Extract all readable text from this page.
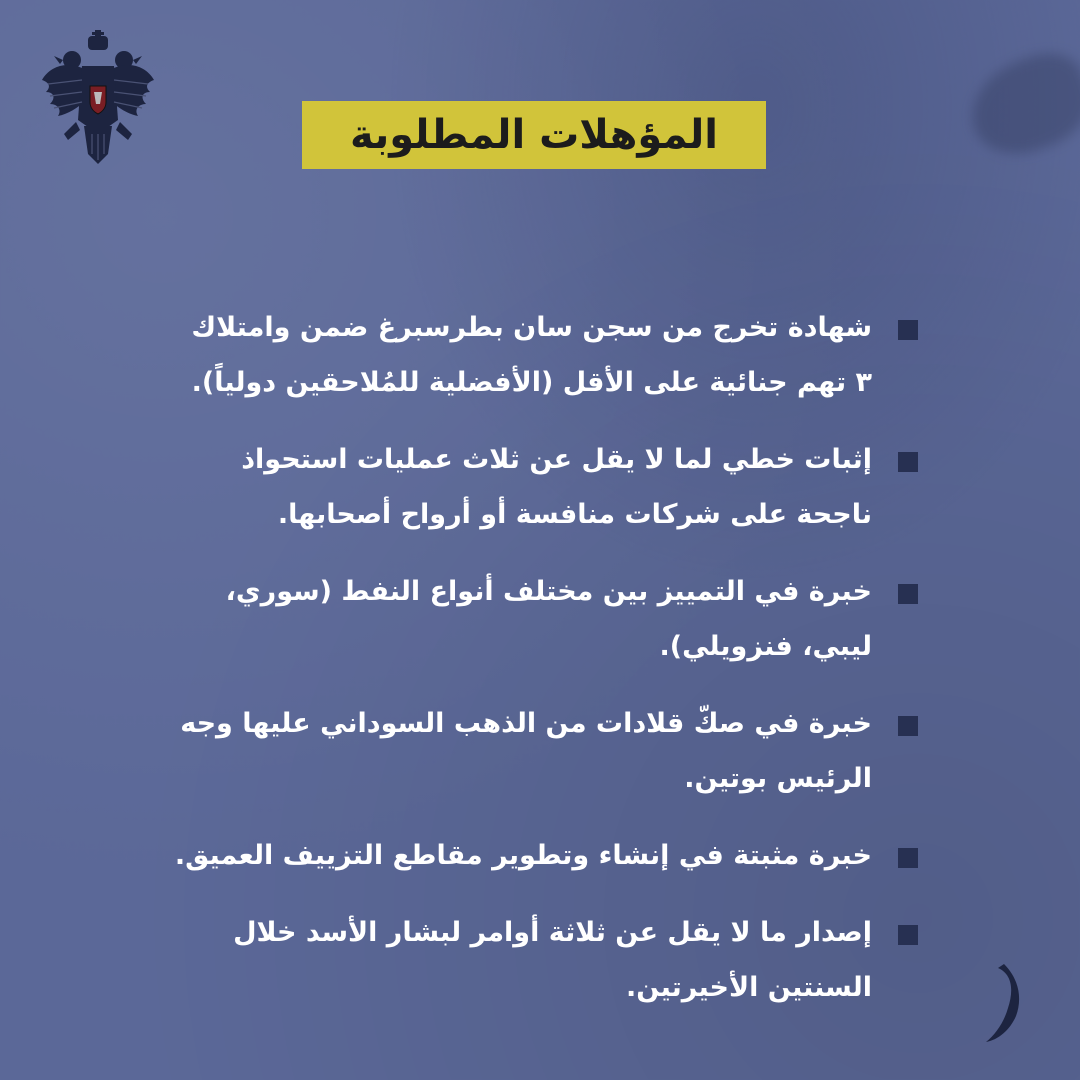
المؤهلات المطلوبة
شهادة تخرج من سجن سان بطرسبرغ ضمن وامتلاك ٣ تهم جنائية على الأقل (الأفضلية للمُلاحقين دولياً).
إثبات خطي لما لا يقل عن ثلاث عمليات استحواذ ناجحة على شركات منافسة أو أرواح أصحابها.
خبرة في التمييز بين مختلف أنواع النفط (سوري، ليبي، فنزويلي).
خبرة في صكّ قلادات من الذهب السوداني عليها وجه الرئيس بوتين.
خبرة مثبتة في إنشاء وتطوير مقاطع التزييف العميق.
إصدار ما لا يقل عن ثلاثة أوامر لبشار الأسد خلال السنتين الأخيرتين.
